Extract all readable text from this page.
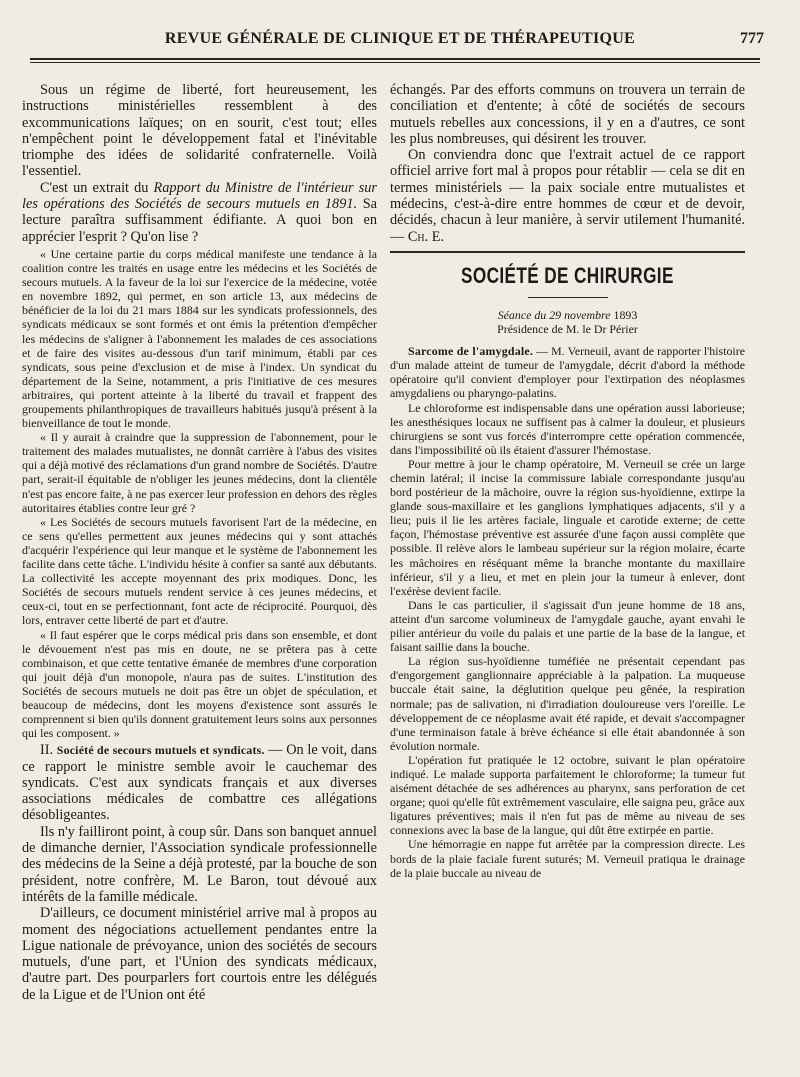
REVUE GÉNÉRALE DE CLINIQUE ET DE THÉRAPEUTIQUE	777

Sous un régime de liberté, fort heureusement, les instructions ministérielles ressemblent à des excommunications laïques; on en sourit, c'est tout; elles n'empêchent point le développement fatal et l'inévitable triomphe des idées de solidarité confraternelle. Voilà l'essentiel.

C'est un extrait du Rapport du Ministre de l'intérieur sur les opérations des Sociétés de secours mutuels en 1891. Sa lecture paraîtra suffisamment édifiante. A quoi bon en apprécier l'esprit ? Qu'on lise ?

« Une certaine partie du corps médical manifeste une tendance à la coalition contre les traités en usage entre les médecins et les Sociétés de secours mutuels. A la faveur de la loi sur l'exercice de la médecine, votée en novembre 1892, qui permet, en son article 13, aux médecins de bénéficier de la loi du 21 mars 1884 sur les syndicats professionnels, des syndicats médicaux se sont formés et ont émis la prétention d'empêcher les médecins de s'aligner à l'abonnement les malades de ces associations et de faire des visites au-dessous d'un tarif minimum, établi par ces syndicats, sous peine d'exclusion et de mise à l'index. Un syndicat du département de la Seine, notamment, a pris l'initiative de ces mesures arbitraires, qui portent atteinte à la liberté du travail et frappent des groupements philanthropiques de travailleurs habitués jusqu'à présent à la bienveillance de tout le monde.

« Il y aurait à craindre que la suppression de l'abonnement, pour le traitement des malades mutualistes, ne donnât carrière à l'abus des visites qui a déjà motivé des réclamations d'un grand nombre de Sociétés. D'autre part, serait-il équitable de n'obliger les jeunes médecins, dont la clientèle n'est pas encore faite, à ne pas exercer leur profession en dehors des règles autoritaires établies contre leur gré ?

« Les Sociétés de secours mutuels favorisent l'art de la médecine, en ce sens qu'elles permettent aux jeunes médecins qui y sont attachés d'acquérir l'expérience qui leur manque et le système de l'abonnement les facilite dans cette tâche. L'individu hésite à confier sa santé aux débutants. La collectivité les accepte moyennant des prix modiques. Donc, les Sociétés de secours mutuels rendent service à ces jeunes médecins, et ceux-ci, tout en se perfectionnant, font acte de réciprocité. Pourquoi, dès lors, entraver cette liberté de part et d'autre.

« Il faut espérer que le corps médical pris dans son ensemble, et dont le dévouement n'est pas mis en doute, ne se prêtera pas à cette combinaison, et que cette tentative émanée de membres d'une corporation qui jouit déjà d'un monopole, n'aura pas de suites. L'institution des Sociétés de secours mutuels ne doit pas être un objet de spéculation, et beaucoup de médecins, dont les moyens d'existence sont assurés le comprennent si bien qu'ils donnent gratuitement leurs soins aux personnes qui les composent. »

II. Société de secours mutuels et syndicats. — On le voit, dans ce rapport le ministre semble avoir le cauchemar des syndicats. C'est aux syndicats français et aux diverses associations médicales de combattre ces allégations désobligeantes.

Ils n'y failliront point, à coup sûr. Dans son banquet annuel de dimanche dernier, l'Association syndicale professionnelle des médecins de la Seine a déjà protesté, par la bouche de son président, notre confrère, M. Le Baron, tout dévoué aux intérêts de la famille médicale.

D'ailleurs, ce document ministériel arrive mal à propos au moment des négociations actuellement pendantes entre la Ligue nationale de prévoyance, union des sociétés de secours mutuels, d'une part, et l'Union des syndicats médicaux, d'autre part. Des pourparlers fort courtois entre les délégués de la Ligue et de l'Union ont été

échangés. Par des efforts communs on trouvera un terrain de conciliation et d'entente; à côté de sociétés de secours mutuels rebelles aux concessions, il y en a d'autres, ce sont les plus nombreuses, qui désirent les trouver.

On conviendra donc que l'extrait actuel de ce rapport officiel arrive fort mal à propos pour rétablir — cela se dit en termes ministériels — la paix sociale entre mutualistes et médecins, c'est-à-dire entre hommes de cœur et de devoir, décidés, chacun à leur manière, à servir utilement l'humanité. — Ch. E.

SOCIÉTÉ DE CHIRURGIE

Séance du 29 novembre 1893

Présidence de M. le Dr Périer

Sarcome de l'amygdale. — M. Verneuil, avant de rapporter l'histoire d'un malade atteint de tumeur de l'amygdale, décrit d'abord la méthode opératoire qu'il convient d'employer pour l'extirpation des néoplasmes amygdaliens ou pharyngo-palatins.

Le chloroforme est indispensable dans une opération aussi laborieuse; les anesthésiques locaux ne suffisent pas à calmer la douleur, et plusieurs chirurgiens se sont vus forcés d'interrompre cette opération commencée, dans l'impossibilité où ils étaient d'assurer l'hémostase.

Pour mettre à jour le champ opératoire, M. Verneuil se crée un large chemin latéral; il incise la commissure labiale correspondante jusqu'au bord postérieur de la mâchoire, ouvre la région sus-hyoïdienne, extirpe la glande sous-maxillaire et les ganglions lymphatiques adjacents, s'il y a lieu; puis il lie les artères faciale, linguale et carotide externe; de cette façon, l'hémostase préventive est assurée d'une façon aussi complète que possible. Il relève alors le lambeau supérieur sur la région molaire, écarte les mâchoires en réséquant même la branche montante du maxillaire inférieur, s'il y a lieu, et met en plein jour la tumeur à enlever, dont l'exérèse devient facile.

Dans le cas particulier, il s'agissait d'un jeune homme de 18 ans, atteint d'un sarcome volumineux de l'amygdale gauche, ayant envahi le pilier antérieur du voile du palais et une partie de la base de la langue, et faisant saillie dans la bouche.

La région sus-hyoïdienne tuméfiée ne présentait cependant pas d'engorgement ganglionnaire appréciable à la palpation. La muqueuse buccale était saine, la déglutition quelque peu gênée, la respiration normale; pas de salivation, ni d'irradiation douloureuse vers l'oreille. Le développement de ce néoplasme avait été rapide, et devait s'accompagner d'une terminaison fatale à brève échéance si elle était abandonnée à son évolution normale.

L'opération fut pratiquée le 12 octobre, suivant le plan opératoire indiqué. Le malade supporta parfaitement le chloroforme; la tumeur fut aisément détachée de ses adhérences au pharynx, sans perforation de cet organe; quoi qu'elle fût extrêmement vasculaire, elle saigna peu, grâce aux ligatures préventives; mais il n'en fut pas de même au niveau de ses connexions avec la base de la langue, qui dût être extirpée en partie.

Une hémorragie en nappe fut arrêtée par la compression directe. Les bords de la plaie faciale furent suturés; M. Verneuil pratiqua le drainage de la plaie buccale au niveau de
